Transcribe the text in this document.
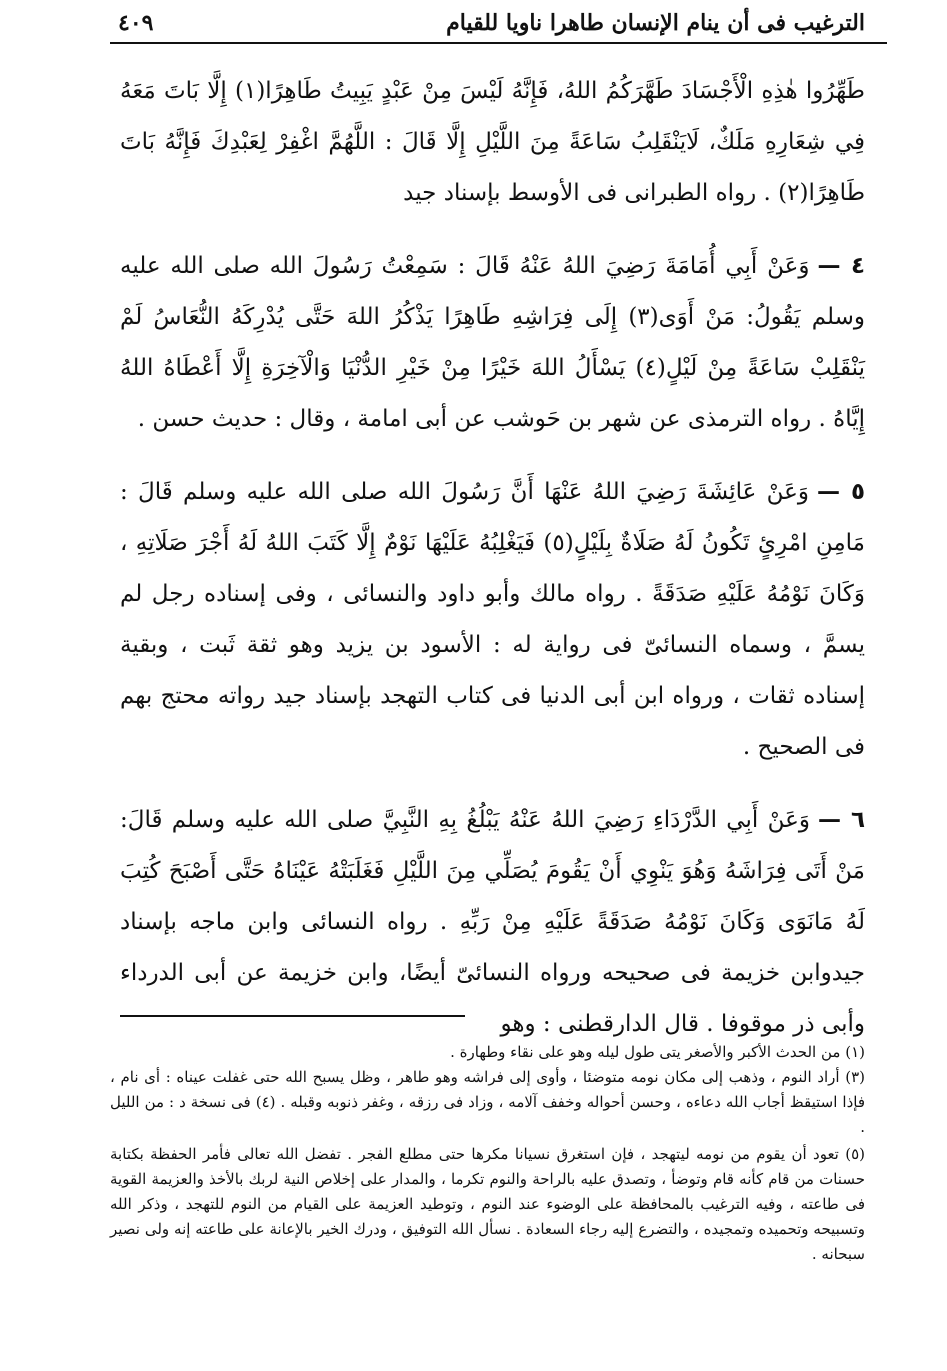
الترغيب فى أن ينام الإنسان طاهرا ناويا للقيام
٤٠٩

طَهِّرُوا هٰذِهِ الْأَجْسَادَ طَهَّرَكُمُ اللهُ، فَإِنَّهُ لَيْسَ مِنْ عَبْدٍ يَبِيتُ طَاهِرًا(١) إِلَّا بَاتَ مَعَهُ فِي شِعَارِهِ مَلَكٌ، لَايَنْقَلِبُ سَاعَةً مِنَ اللَّيْلِ إِلَّا قَالَ : اللَّهُمَّ اغْفِرْ لِعَبْدِكَ فَإِنَّهُ بَاتَ طَاهِرًا(٢) . رواه الطبرانى فى الأوسط بإسناد جيد

٤ —وَعَنْ أَبِي أُمَامَةَ رَضِيَ اللهُ عَنْهُ قَالَ : سَمِعْتُ رَسُولَ الله صلى الله عليه وسلم يَقُولُ: مَنْ أَوَى(٣) إِلَى فِرَاشِهِ طَاهِرًا يَذْكُرُ اللهَ حَتَّى يُدْرِكَهُ النُّعَاسُ لَمْ يَنْقَلِبْ سَاعَةً مِنْ لَيْلٍ(٤) يَسْأَلُ اللهَ خَيْرًا مِنْ خَيْرِ الدُّنْيَا وَالْآخِرَةِ إِلَّا أَعْطَاهُ اللهُ إِيَّاهُ . رواه الترمذى عن شهر بن حَوشب عن أبى امامة ، وقال : حديث حسن .

٥ —وَعَنْ عَائِشَةَ رَضِيَ اللهُ عَنْهَا أَنَّ رَسُولَ الله صلى الله عليه وسلم قَالَ : مَامِنِ امْرِئٍ تَكُونُ لَهُ صَلَاةٌ بِلَيْلٍ(٥) فَيَغْلِبُهُ عَلَيْهَا نَوْمٌ إِلَّا كَتَبَ اللهُ لَهُ أَجْرَ صَلَاتِهِ ، وَكَانَ نَوْمُهُ عَلَيْهِ صَدَقَةً . رواه مالك وأبو داود والنسائى ، وفى إسناده رجل لم يسمَّ ، وسماه النسائىّ فى رواية له : الأسود بن يزيد وهو ثقة ثَبت ، وبقية إسناده ثقات ، ورواه ابن أبى الدنيا فى كتاب التهجد بإسناد جيد رواته محتج بهم فى الصحيح .

٦ —وَعَنْ أَبِي الدَّرْدَاءِ رَضِيَ اللهُ عَنْهُ يَبْلُغُ بِهِ النَّبِيَّ صلى الله عليه وسلم قَالَ: مَنْ أَتَى فِرَاشَهُ وَهُوَ يَنْوِي أَنْ يَقُومَ يُصَلِّي مِنَ اللَّيْلِ فَغَلَبَتْهُ عَيْنَاهُ حَتَّى أَصْبَحَ كُتِبَ لَهُ مَانَوَى وَكَانَ نَوْمُهُ صَدَقَةً عَلَيْهِ مِنْ رَبِّهِ . رواه النسائى وابن ماجه بإسناد جيدوابن خزيمة فى صحيحه ورواه النسائىّ أيضًا، وابن خزيمة عن أبى الدرداء وأبى ذر موقوفا . قال الدارقطنى : وهو

(١) من الحدث الأكبر والأصغر يتى طول ليله وهو على نقاء وطهارة .

(٣) أراد النوم ، وذهب إلى مكان نومه متوضئا ، وأوى إلى فراشه وهو طاهر ، وظل يسبح الله حتى غفلت عيناه : أى نام ، فإذا استيقظ أجاب الله دعاءه ، وحسن أحواله وخفف آلامه ، وزاد فى رزقه ، وغفر ذنوبه وقبله . (٤) فى نسخة د : من الليل .

(٥) تعود أن يقوم من نومه ليتهجد ، فإن استغرق نسيانا مكرها حتى مطلع الفجر . تفضل الله تعالى فأمر الحفظة بكتابة حسنات من قام كأنه قام وتوضأ ، وتصدق عليه بالراحة والنوم تكرما ، والمدار على إخلاص النية لربك بالأخذ والعزيمة القوية فى طاعته ، وفيه الترغيب بالمحافظة على الوضوء عند النوم ، وتوطيد العزيمة على القيام من النوم للتهجد ، وذكر الله وتسبيحه وتحميده وتمجيده ، والتضرع إليه رجاء السعادة . نسأل الله التوفيق ، ودرك الخير بالإعانة على طاعته إنه ولى نصير سبحانه .
